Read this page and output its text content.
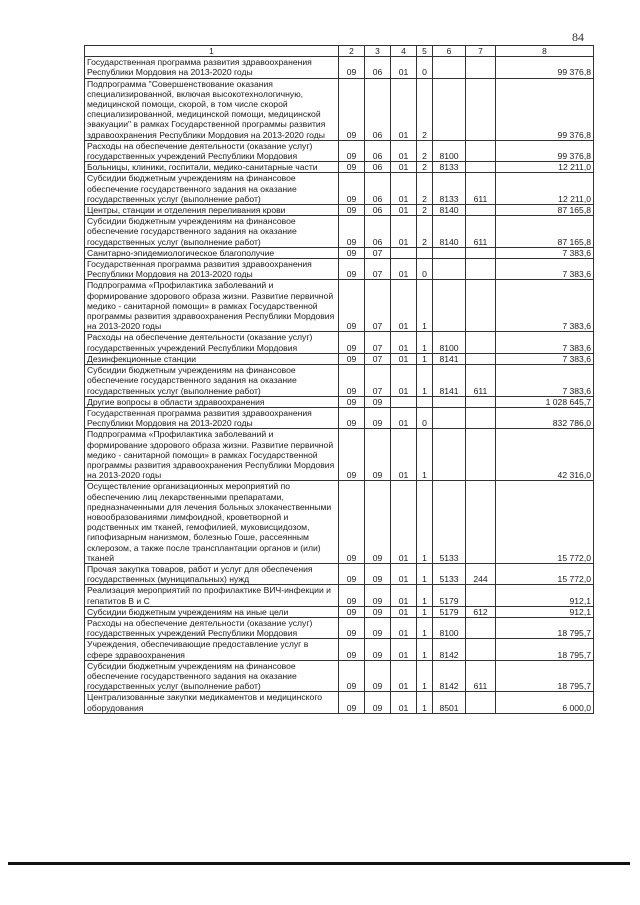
84
1	2	3	4	5	6	7	8
Государственная программа развития здравоохранения Республики Мордовия на 2013-2020 годы	09	06	01	0			99 376,8
Подпрограмма "Совершенствование оказания специализированной, включая высокотехнологичную, медицинской помощи, скорой, в том числе скорой специализированной, медицинской помощи, медицинской эвакуации" в рамках Государственной программы развития здравоохранения Республики Мордовия на 2013-2020 годы	09	06	01	2			99 376,8
Расходы на обеспечение деятельности (оказание услуг) государственных учреждений Республики Мордовия	09	06	01	2	8100		99 376,8
Больницы, клиники, госпитали, медико-санитарные части	09	06	01	2	8133		12 211,0
Субсидии бюджетным учреждениям на финансовое обеспечение государственного задания на оказание государственных услуг (выполнение работ)	09	06	01	2	8133	611	12 211,0
Центры, станции и отделения переливания крови	09	06	01	2	8140		87 165,8
Субсидии бюджетным учреждениям на финансовое обеспечение государственного задания на оказание государственных услуг (выполнение работ)	09	06	01	2	8140	611	87 165,8
Санитарно-эпидемиологическое благополучие	09	07					7 383,6
Государственная программа развития здравоохранения Республики Мордовия на 2013-2020 годы	09	07	01	0			7 383,6
Подпрограмма «Профилактика заболеваний и формирование здорового образа жизни. Развитие первичной медико - санитарной помощи» в рамках Государственной программы развития здравоохранения Республики Мордовия на 2013-2020 годы	09	07	01	1			7 383,6
Расходы на обеспечение деятельности (оказание услуг) государственных учреждений Республики Мордовия	09	07	01	1	8100		7 383,6
Дезинфекционные станции	09	07	01	1	8141		7 383,6
Субсидии бюджетным учреждениям на финансовое обеспечение государственного задания на оказание государственных услуг (выполнение работ)	09	07	01	1	8141	611	7 383,6
Другие вопросы в области здравоохранения	09	09					1 028 645,7
Государственная программа развития здравоохранения Республики Мордовия на 2013-2020 годы	09	09	01	0			832 786,0
Подпрограмма «Профилактика заболеваний и формирование здорового образа жизни. Развитие первичной медико - санитарной помощи» в рамках Государственной программы развития здравоохранения Республики Мордовия на 2013-2020 годы	09	09	01	1			42 316,0
Осуществление организационных мероприятий по обеспечению лиц лекарственными препаратами, предназначенными для лечения больных злокачественными новообразованиями лимфоидной, кроветворной и родственных им тканей, гемофилией, муковисцидозом, гипофизарным нанизмом, болезнью Гоше, рассеянным склерозом, а также после трансплантации органов и (или) тканей	09	09	01	1	5133		15 772,0
Прочая закупка товаров, работ и услуг для обеспечения государственных (муниципальных) нужд	09	09	01	1	5133	244	15 772,0
Реализация мероприятий по профилактике ВИЧ-инфекции и гепатитов В и С	09	09	01	1	5179		912,1
Субсидии бюджетным учреждениям на иные цели	09	09	01	1	5179	612	912,1
Расходы на обеспечение деятельности (оказание услуг) государственных учреждений Республики Мордовия	09	09	01	1	8100		18 795,7
Учреждения, обеспечивающие предоставление услуг в сфере здравоохранения	09	09	01	1	8142		18 795,7
Субсидии бюджетным учреждениям на финансовое обеспечение государственного задания на оказание государственных услуг (выполнение работ)	09	09	01	1	8142	611	18 795,7
Централизованные закупки медикаментов и медицинского оборудования	09	09	01	1	8501		6 000,0
